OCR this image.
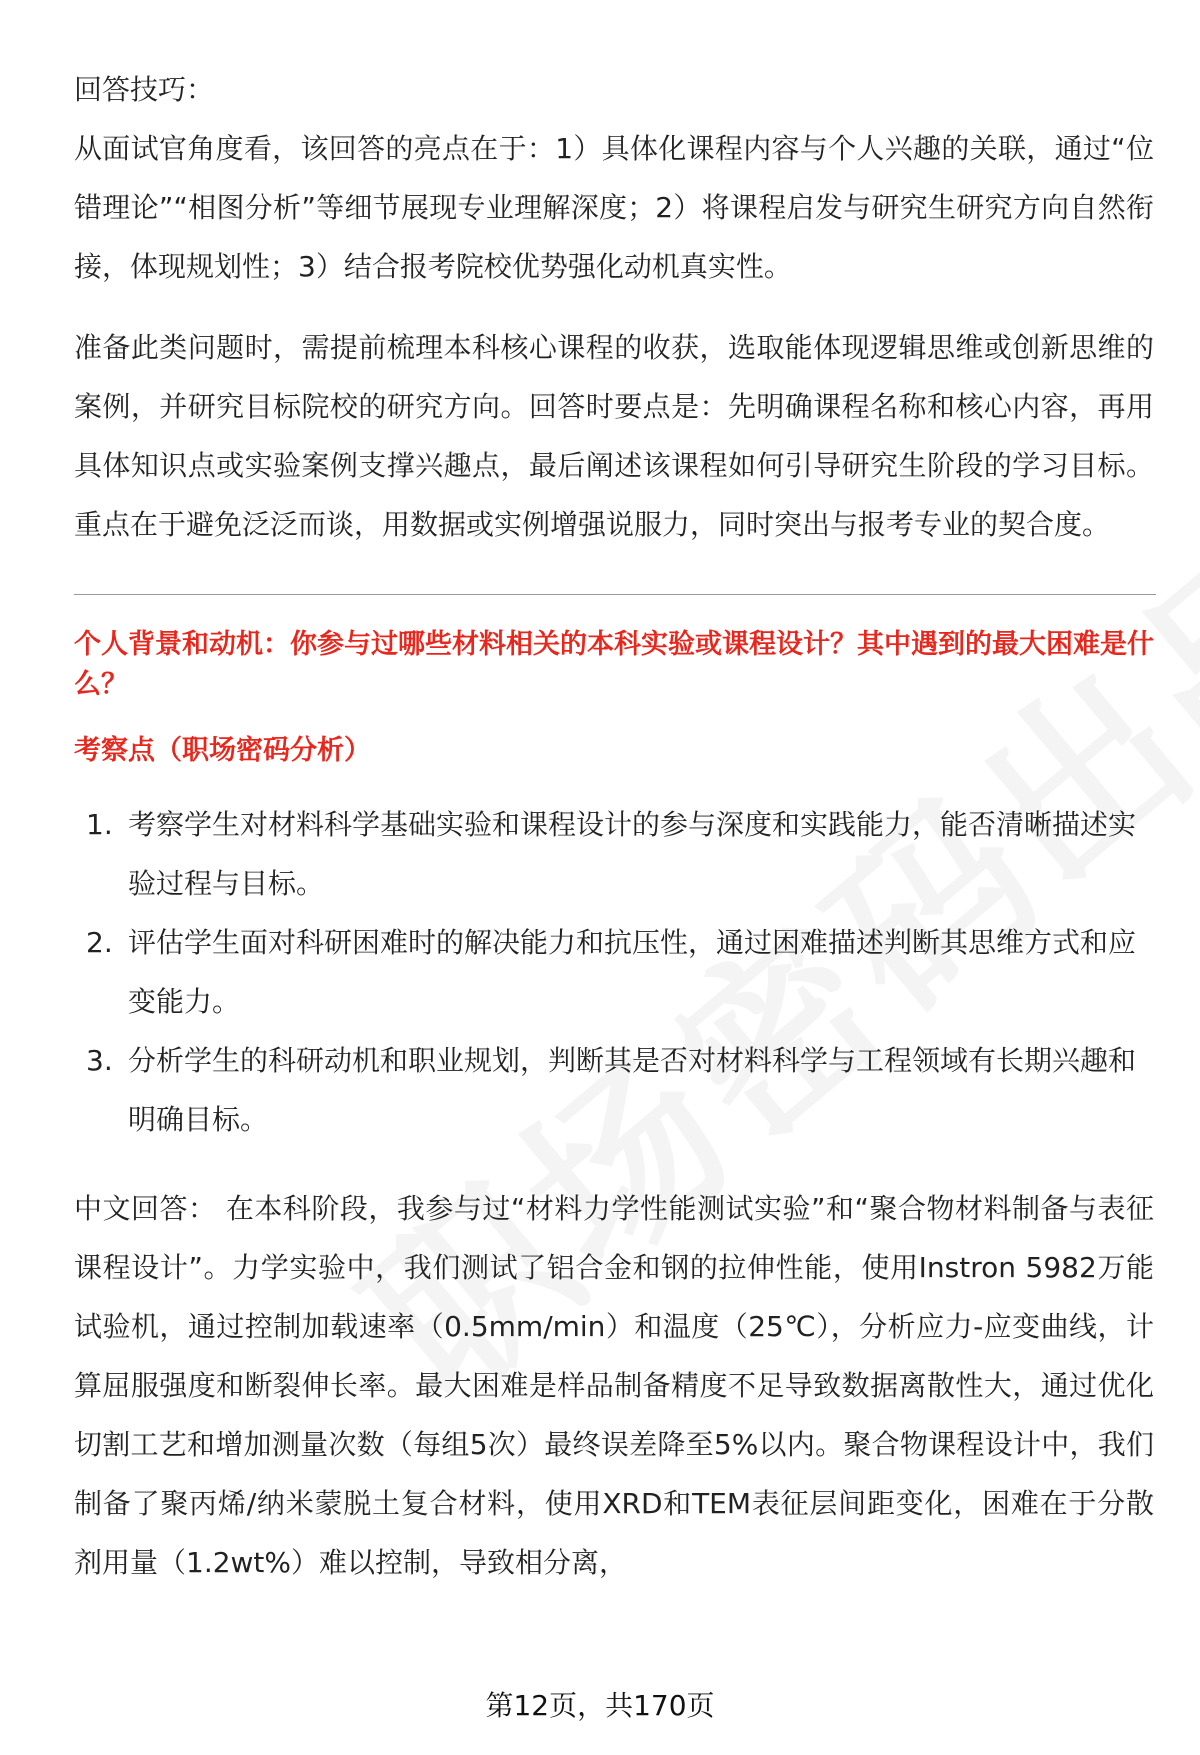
回答技巧：

从面试官角度看，该回答的亮点在于：1）具体化课程内容与个人兴趣的关联，通过“位错理论”“相图分析”等细节展现专业理解深度；2）将课程启发与研究生研究方向自然衔接，体现规划性；3）结合报考院校优势强化动机真实性。

准备此类问题时，需提前梳理本科核心课程的收获，选取能体现逻辑思维或创新思维的案例，并研究目标院校的研究方向。回答时要点是：先明确课程名称和核心内容，再用具体知识点或实验案例支撑兴趣点，最后阐述该课程如何引导研究生阶段的学习目标。重点在于避免泛泛而谈，用数据或实例增强说服力，同时突出与报考专业的契合度。

个人背景和动机：你参与过哪些材料相关的本科实验或课程设计？其中遇到的最大困难是什么？

考察点（职场密码分析）

1. 考察学生对材料科学基础实验和课程设计的参与深度和实践能力，能否清晰描述实验过程与目标。
2. 评估学生面对科研困难时的解决能力和抗压性，通过困难描述判断其思维方式和应变能力。
3. 分析学生的科研动机和职业规划，判断其是否对材料科学与工程领域有长期兴趣和明确目标。

中文回答： 在本科阶段，我参与过“材料力学性能测试实验”和“聚合物材料制备与表征课程设计”。力学实验中，我们测试了铝合金和钢的拉伸性能，使用Instron 5982万能试验机，通过控制加载速率（0.5mm/min）和温度（25℃），分析应力-应变曲线，计算屈服强度和断裂伸长率。最大困难是样品制备精度不足导致数据离散性大，通过优化切割工艺和增加测量次数（每组5次）最终误差降至5%以内。聚合物课程设计中，我们制备了聚丙烯/纳米蒙脱土复合材料，使用XRD和TEM表征层间距变化，困难在于分散剂用量（1.2wt%）难以控制，导致相分离，

第12页，共170页
